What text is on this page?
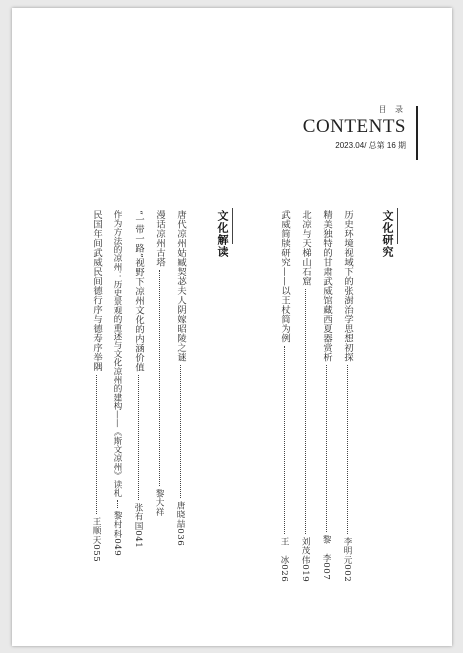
目 录
CONTENTS
2023.04/ 总第 16 期
文化研究
历史环境视域下的张澍治学思想初探
李明元002
精美独特的甘肃武威馆藏西夏器赏析
黎　李007
北凉与天梯山石窟
刘茂伟019
武威简牍研究——以王杖简为例
王　冰026
文化解读
唐代凉州姑臧契苾夫人阴嫁昭陵之谜
唐晓喆036
漫话凉州古塔
黎大祥
“一带一路”视野下凉州文化的内涵价值
张有国041
作为方法的凉州：历史景观的重述与文化凉州的建构——《斯文凉州》读札
黎村科049
民国年间武威民间德行序与德寿序举隅
王顺天055
